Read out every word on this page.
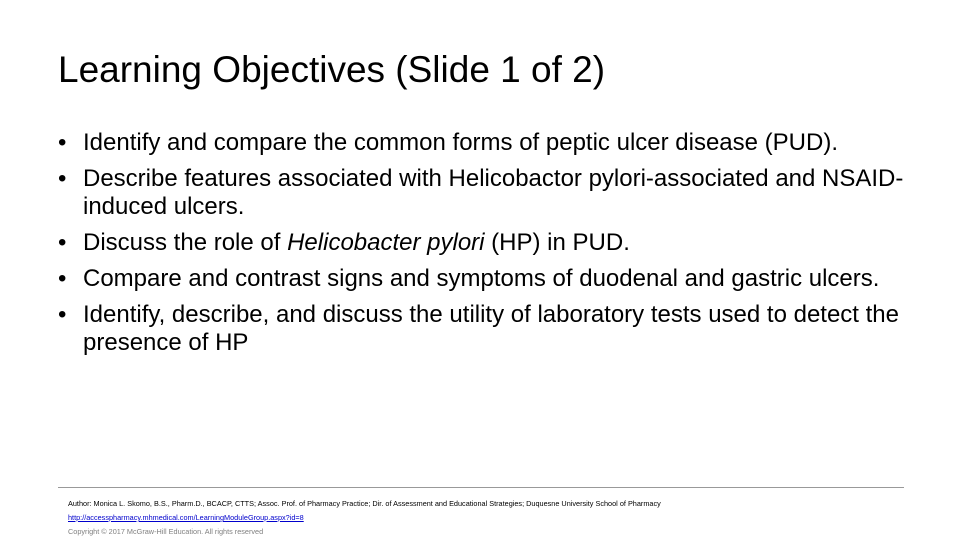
Learning Objectives (Slide 1 of 2)
• Identify and compare the common forms of peptic ulcer disease (PUD).
• Describe features associated with Helicobactor pylori-associated and NSAID-induced ulcers.
• Discuss the role of Helicobacter pylori (HP) in PUD.
• Compare and contrast signs and symptoms of duodenal and gastric ulcers.
• Identify, describe, and discuss the utility of laboratory tests used to detect the presence of HP
Author: Monica L. Skomo, B.S., Pharm.D., BCACP, CTTS; Assoc. Prof. of Pharmacy Practice; Dir. of Assessment and Educational Strategies; Duquesne University School of Pharmacy
http://accesspharmacy.mhmedical.com/LearningModuleGroup.aspx?id=8
Copyright © 2017 McGraw-Hill Education. All rights reserved
